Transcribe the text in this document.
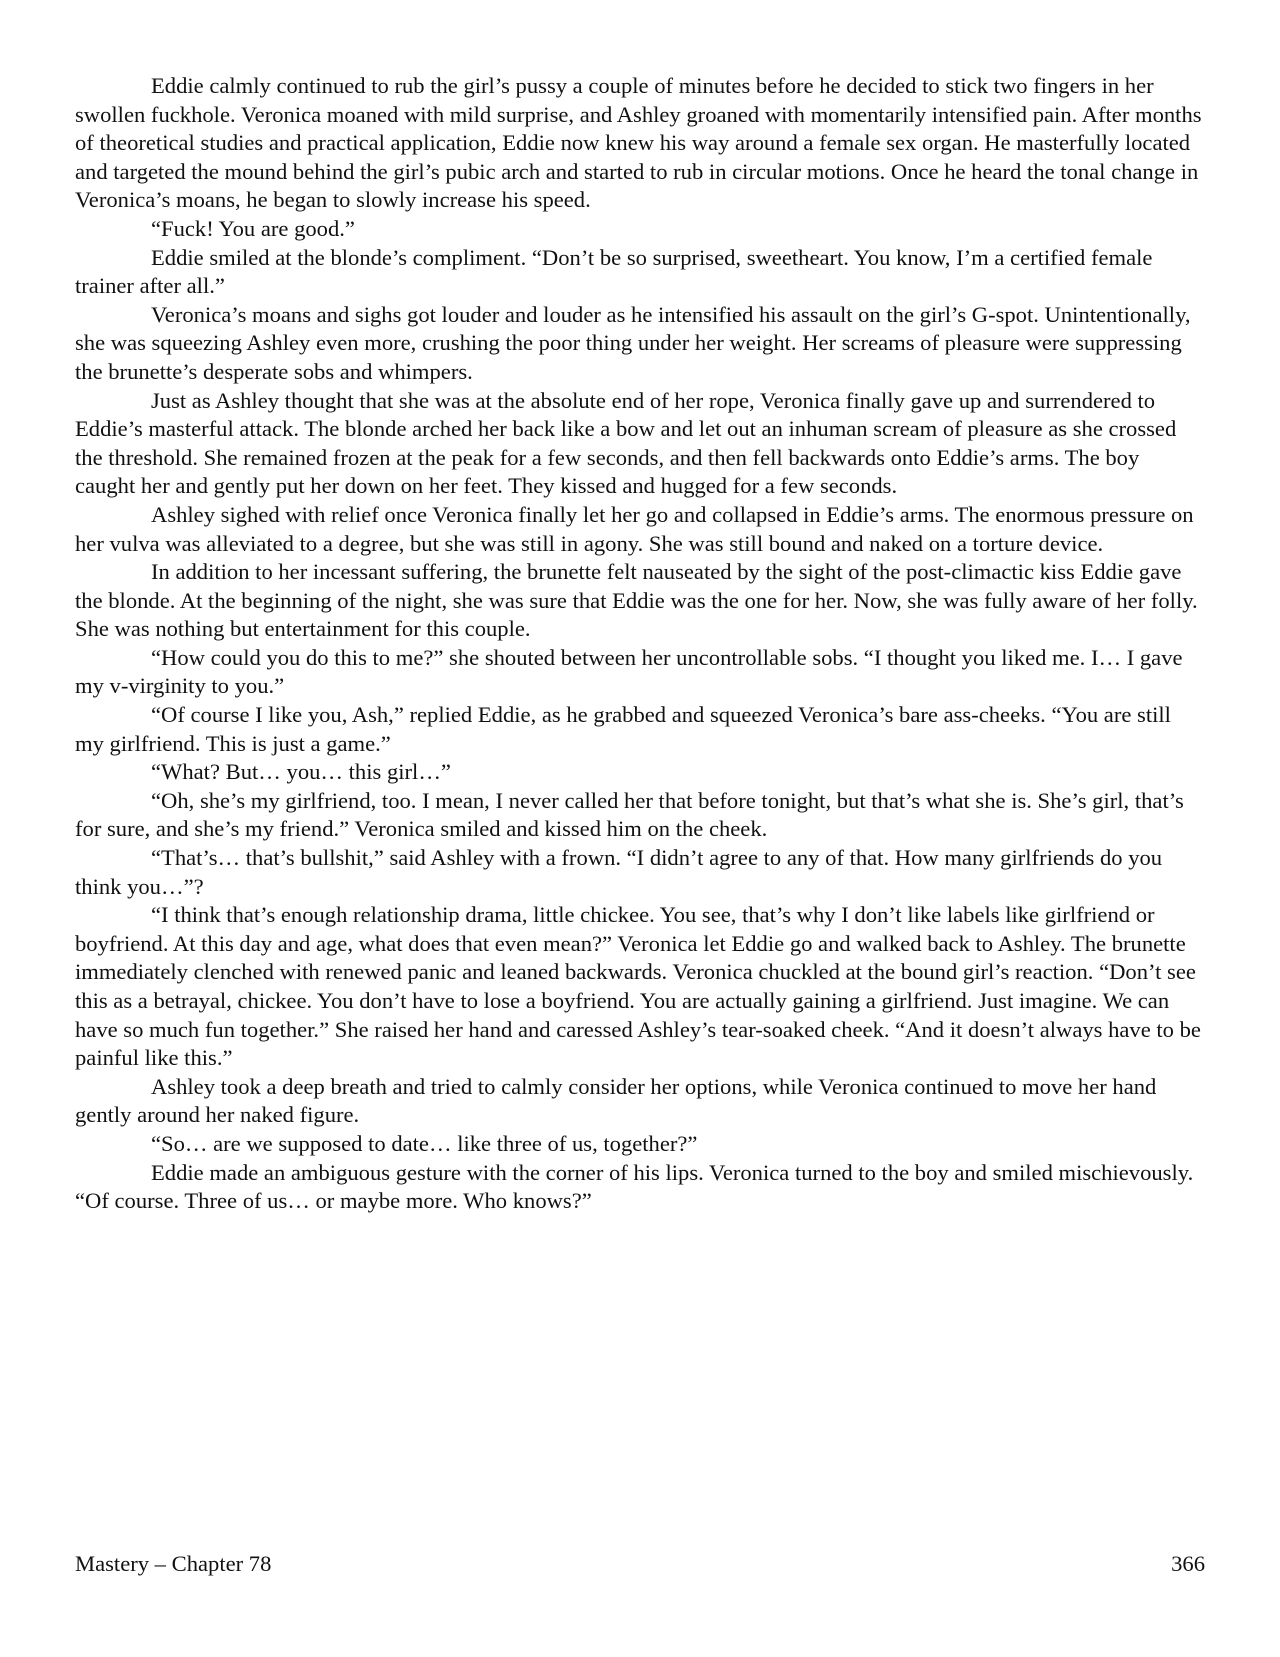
Eddie calmly continued to rub the girl’s pussy a couple of minutes before he decided to stick two fingers in her swollen fuckhole. Veronica moaned with mild surprise, and Ashley groaned with momentarily intensified pain. After months of theoretical studies and practical application, Eddie now knew his way around a female sex organ. He masterfully located and targeted the mound behind the girl’s pubic arch and started to rub in circular motions. Once he heard the tonal change in Veronica’s moans, he began to slowly increase his speed.

“Fuck! You are good.”

Eddie smiled at the blonde’s compliment. “Don’t be so surprised, sweetheart. You know, I’m a certified female trainer after all.”

Veronica’s moans and sighs got louder and louder as he intensified his assault on the girl’s G-spot. Unintentionally, she was squeezing Ashley even more, crushing the poor thing under her weight. Her screams of pleasure were suppressing the brunette’s desperate sobs and whimpers.

Just as Ashley thought that she was at the absolute end of her rope, Veronica finally gave up and surrendered to Eddie’s masterful attack. The blonde arched her back like a bow and let out an inhuman scream of pleasure as she crossed the threshold. She remained frozen at the peak for a few seconds, and then fell backwards onto Eddie’s arms. The boy caught her and gently put her down on her feet. They kissed and hugged for a few seconds.

Ashley sighed with relief once Veronica finally let her go and collapsed in Eddie’s arms. The enormous pressure on her vulva was alleviated to a degree, but she was still in agony. She was still bound and naked on a torture device.

In addition to her incessant suffering, the brunette felt nauseated by the sight of the post-climactic kiss Eddie gave the blonde. At the beginning of the night, she was sure that Eddie was the one for her. Now, she was fully aware of her folly. She was nothing but entertainment for this couple.

“How could you do this to me?” she shouted between her uncontrollable sobs. “I thought you liked me. I… I gave my v-virginity to you.”

“Of course I like you, Ash,” replied Eddie, as he grabbed and squeezed Veronica’s bare ass-cheeks. “You are still my girlfriend. This is just a game.”

“What? But… you… this girl…”

“Oh, she’s my girlfriend, too. I mean, I never called her that before tonight, but that’s what she is. She’s girl, that’s for sure, and she’s my friend.” Veronica smiled and kissed him on the cheek.

“That’s… that’s bullshit,” said Ashley with a frown. “I didn’t agree to any of that. How many girlfriends do you think you…”?

“I think that’s enough relationship drama, little chickee. You see, that’s why I don’t like labels like girlfriend or boyfriend. At this day and age, what does that even mean?” Veronica let Eddie go and walked back to Ashley. The brunette immediately clenched with renewed panic and leaned backwards. Veronica chuckled at the bound girl’s reaction. “Don’t see this as a betrayal, chickee. You don’t have to lose a boyfriend. You are actually gaining a girlfriend. Just imagine. We can have so much fun together.” She raised her hand and caressed Ashley’s tear-soaked cheek. “And it doesn’t always have to be painful like this.”

Ashley took a deep breath and tried to calmly consider her options, while Veronica continued to move her hand gently around her naked figure.

“So… are we supposed to date… like three of us, together?”

Eddie made an ambiguous gesture with the corner of his lips. Veronica turned to the boy and smiled mischievously. “Of course. Three of us… or maybe more. Who knows?”

Mastery – Chapter 78	366
